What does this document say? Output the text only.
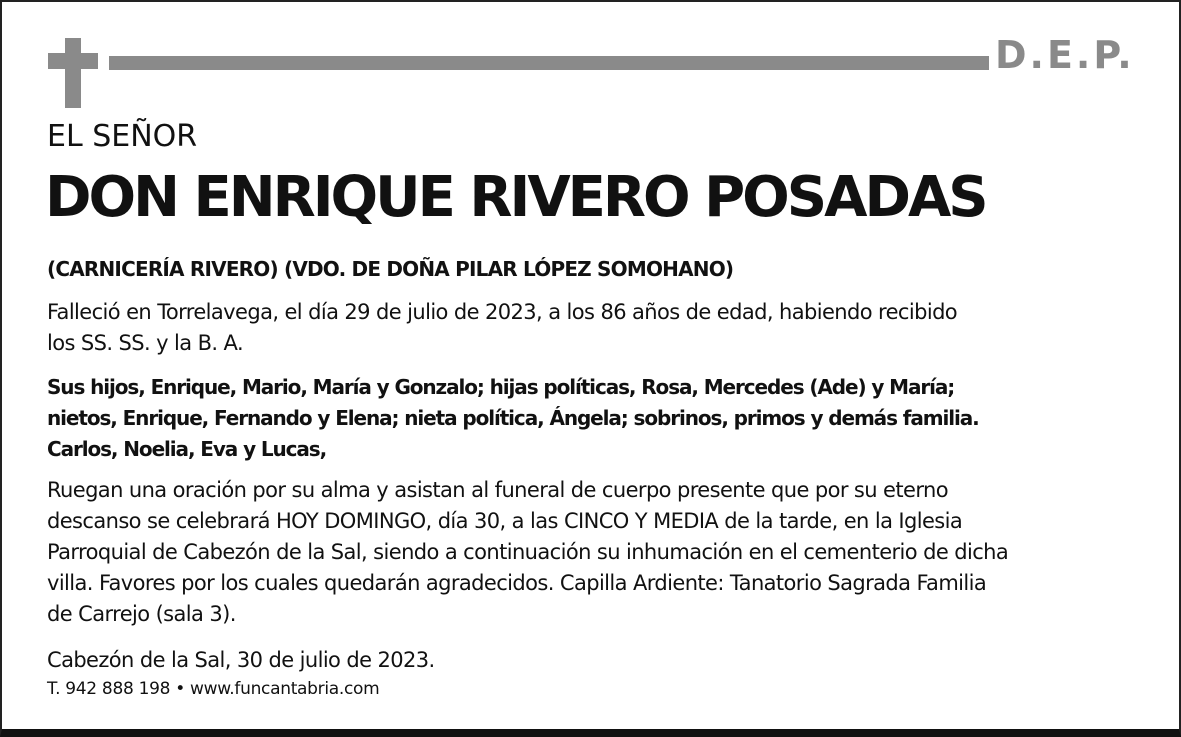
D.E.P.
EL SEÑOR
DON ENRIQUE RIVERO POSADAS
(CARNICERÍA RIVERO) (VDO. DE DOÑA PILAR LÓPEZ SOMOHANO)
Falleció en Torrelavega, el día 29 de julio de 2023, a los 86 años de edad, habiendo recibido
los SS. SS. y la B. A.
Sus hijos, Enrique, Mario, María y Gonzalo; hijas políticas, Rosa, Mercedes (Ade) y María;
nietos, Enrique, Fernando y Elena; nieta política, Ángela; sobrinos, primos y demás familia.
Carlos, Noelia, Eva y Lucas,
Ruegan una oración por su alma y asistan al funeral de cuerpo presente que por su eterno
descanso se celebrará HOY DOMINGO, día 30, a las CINCO Y MEDIA de la tarde, en la Iglesia
Parroquial de Cabezón de la Sal, siendo a continuación su inhumación en el cementerio de dicha
villa. Favores por los cuales quedarán agradecidos. Capilla Ardiente: Tanatorio Sagrada Familia
de Carrejo (sala 3).
Cabezón de la Sal, 30 de julio de 2023.
T. 942 888 198 • www.funcantabria.com
